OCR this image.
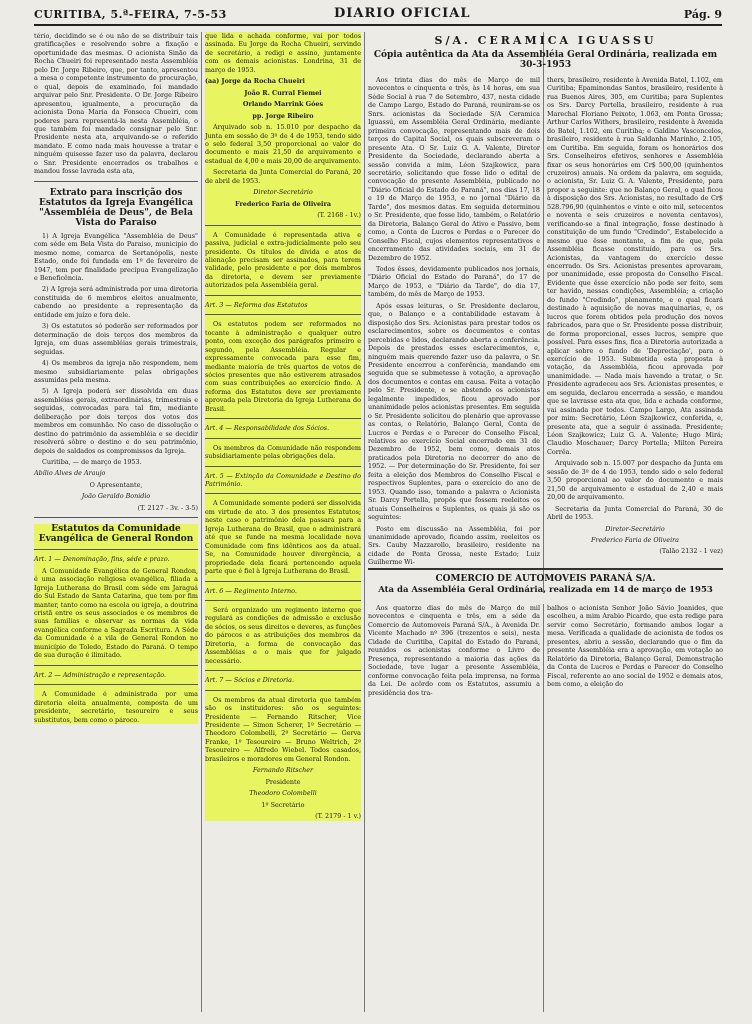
CURITIBA, 5.ª-FEIRA, 7-5-53	DIARIO OFICIAL	Pág. 9

tério, decidindo se é ou não de se distribuir tais gratificações e resolvendo sobre a fixação e oportunidade das mesmas. O acionista Sinão da Rocha Chueiri foi representado nesta Assembléia pelo Dr. Jorge Ribeiro, que, por tanto, apresentou a mesa o competente instrumento de procuração, o qual, depois de examinado, foi mandado arquivar pelo Snr. Presidente. O Dr. Jorge Ribeiro apresentou, igualmente, a procuração da acionista Dona Maria da Fonseca Chueiri, com poderes para representá-la nesta Assembléia, o que também foi mandado consignar pelo Snr. Presidente nesta ata, arquivando-se o referido mandato. E como nada mais houvesse a tratar e ninguém quisesse fazer uso da palavra, declarou o Snr. Presidente encerrados os trabalhos e mandou fosse lavrada esta ata,

Extrato para inscrição dos Estatutos da Igreja Evangélica "Assembléia de Deus", de Bela Vista do Paraiso

1) A Igreja Evangélica "Assembléia de Deus" com séde em Bela Vista do Paraiso, municipio do mesmo nome, comarca de Sertanópolis, neste Estado, onde foi fundada em 1º de fevereiro de 1947, tem por finalidade precípua Evangelização e Beneficência.

2) A Igreja será administrada por uma diretoria constituida de 6 membros eleitos anualmente, cabendo ao presidente a representação da entidade em juízo e fora dele.

3) Os estatutos só poderão ser reformados por determinação de dois terços dos membros da Igreja, em duas assembléias gerais trimestrais, seguidas.

4) Os membros da igreja não respondem, nem mesmo subsidiariamente pelas obrigações assumidas pela mesma.

5) A Igreja poderá ser dissolvida em duas assembléias gerais, extraordinárias, trimestrais e seguidas, convocadas para tal fim, mediante deliberação por dois terços dos votos dos membros em comunhão. No caso de dissolução o destino do patrimônio da assembléia e se decidir resolverá sôbre o destino e do seu patrimônio, depois de saldados os compromissos da Igreja.

Curitiba, — de março de 1953.

Abílio Alves de Araujo

O Apresentante,

João Geraldo Bonidio

(T. 2127 - 3v. - 3-5)

Estatutos da Comunidade Evangélica de General Rondon

Art. 1 — Denominação, fins, séde e prazo.

A Comunidade Evangélica de General Rondon, é uma associação religiosa evangélica, filiada a Igreja Lutherana do Brasil com séde em Jaraguá do Sul Estado de Santa Catarina, que tem por fim manter, tanto como na escola ou igreja, a doutrina cristã entre os seus associados e os membros de suas familias e observar as normas da vida evangélica conforme a Sagrada Escritura. A Séde da Comunidade é a vila de General Rondon no município de Toledo, Estado do Paraná. O tempo de sua duração é ilimitado.

Art. 2 — Administração e representação.

A Comunidade é administrada por uma diretoria eleita anualmente, composta de um presidente, secretário, tesoureiro e seus substitutos, bem como o pároco.

que lida e achada conforme, vai por todos assinada. Eu Jorge da Rocha Chueiri, servindo de secretário, a redigi e assino, juntamente com os demais acionistas. Londrina, 31 de março de 1953.

(aa) Jorge da Rocha Chueiri

João R. Curral Fiemei

Orlando Marrink Góes

pp. Jorge Ribeiro

Arquivado sob n. 15.010 por despacho da Junta em sessão de 3º de 4 de 1953, tendo sido o selo federal 3,50 proporcional ao valor do documento e mais 21,50 de arquivamento e estadual de 4,00 e mais 20,00 de arquivamento.

Secretaria da Junta Comercial do Paraná, 20 de abril de 1953.

Diretor-Secretário

Frederico Faria de Oliveira

(T. 2168 - 1v.)

A Comunidade é representada ativa e passiva, judicial e extra-judicialmente pelo seu presidente. Os títulos de divida e atos de alienação precisam ser assinados, para terem validade, pelo presidente e por dois membros da diretoria, e devem ser previamente autorizados pela Assembléia geral.

Art. 3 — Reforma dos Estatutos

Os estatutos podem ser reformados no tocante à administração e qualquer outro ponto, com exceção dos parágrafos primeiro e segundo, pela Assembléia. Regular e expressamente convocada para esse fim, mediante maioria de três quartos de votos de sócios presentes que não estiverem atrasados com suas contribuições ao exercício findo. A reforma dos Estatutos deve ser previamente aprovada pela Diretoria da Igreja Lutherana do Brasil.

Art. 4 — Responsabilidade dos Sócios.

Os membros da Comunidade não respondem subsidiariamente pelas obrigações dela.

Art. 5 — Extinção da Comunidade e Destino do Patrimônio.

A Comunidade somente poderá ser dissolvida em virtude de ato. 3 dos presentes Estatutos; neste caso o patrimônio dela passará para a Igreja Lutherana do Brasil, que o administrará até que se funde na mesma localidade nova Comunidade com fins idênticos aos da atual. Se, na Comunidade houver divergência, a propriedade dela ficará pertencendo aquela parte que é fiel à Igreja Lutherana do Brasil.

Art. 6 — Regimento Interno.

Será organizado um regimento interno que regulará as condições de admissão e exclusão de sócios, os seus direitos e deveres, as funções do párocos e as atribuições dos membros da Diretoria, a forma de convocação das Assembléias e o mais que for julgado necessário.

Art. 7 — Sócios e Diretoria.

Os membros da atual diretoria que também são os instituidores: são os seguintes: Presidente — Fernando Ritscher, Vice Presidente — Simon Scherer, 1º Secretário — Theodoro Colombelli, 2º Secretário — Gerva Franke, 1º Tesoureiro — Bruno Weltrich, 2º Tesoureiro — Alfredo Wiebel. Todos casados, brasileiros e moradores em General Rondon.

Fernando Ritscher

Presidente

Theodoro Colombelli

1º Secretário

(T. 2179 - 1 v.)

S/A. CERAMICA IGUASSU
Cópia autêntica da Ata da Assembléia Geral Ordinária, realizada em 30-3-1953

Aos trinta dias do mês de Março de mil novecentos e cinquenta e três, às 14 horas, em sua Séde Social à rua 7 de Setembro, 437, nesta cidade de Campo Largo, Estado do Paraná, reuniram-se os Snrs. acionistas da Sociedade S/A Ceramica Iguassú, em Assembléia Geral Ordinária, mediante primeira convocação, representando mais de dois terços do Capital Social, os quais subscreveram o presente Ata. O Sr. Luiz G. A. Valente, Diretor Presidente da Sociedade, declarando aberta a sessão convida a mim, Léon Szajkowicz, para secretário, solicitando que fosse lido o edital de convocação do presente Assembléia, publicado no "Diário Oficial do Estado do Paraná", nos dias 17, 18 e 19 de Março de 1953, e no jornal "Diário da Tarde", dos mesmos datas. Em seguida determinou o Sr. Presidente, que fosse lido, também, o Relatório da Diretoria, Balanço Geral do Ativo e Passivo, bem como, a Conta de Lucros e Perdas e o Parecer do Conselho Fiscal, cujos elementos representativos e encerramento das atividades sociais, em 31 de Dezembro de 1952.

Todos êsses, devidamente publicados nos jornais, "Diário Oficial do Estado do Paraná", do 17 de Março de 1953, e "Diário da Tarde", do dia 17, também, do mês de Março de 1953.

Após essas leituras, o Sr. Presidente declarou, que, o Balanço e a contabilidade estavam à disposição dos Srs. Acionistas para prestar todos os esclarecimentos, sobre os documentos e contas percebidas e lidos, declarando aberta a conferência. Depois de prestados esses esclarecimentos, e, ninguém mais querendo fazer uso da palavra, o Sr. Presidente encerrou a conferência, mandando em seguida que se submetesse à votação, a aprovação dos documentos e contas em causa. Feita a votação pelo Sr. Presidente, e se abstendo os acionistas legalmente impedidos, ficou aprovado por unanimidade pelos acionistas presentes. Em seguida o Sr. Presidente solicitou do plenário que aprovasse as contas, o Relatório, Balanço Geral, Conta de Lucros e Perdas e o Parecer do Conselho Fiscal, relativos ao exercício Social encerrado em 31 de Dezembro de 1952, bem como, demais atos praticados pela Diretoria no decorrer do ano de 1952. — Por determinação do Sr. Presidente, foi ser feita a eleição dos Membros do Conselho Fiscal e respectivos Suplentes, para o exercício do ano de 1953. Quando isso, tomando a palavra o Acionista Sr. Darcy Portella, propôs que fossem reeleitos os atuais Conselheiros e Suplentes, os quais já são os seguintes:

Posto em discussão na Assembléia, foi por unanimidade aprovado, ficando assim, reeleitos os Srs. Cauby Mazzarollo, brasileiro, residente na cidade de Ponta Grossa, neste Estado; Luiz Guilherme Wi-

thers, brasileiro, residente à Avenida Batel, 1.102, em Curitiba; Epaminondas Santos, brasileiro, residente à rua Buenos Aires, 305, em Curitiba; para Suplentes os Srs. Darcy Portella, brasileiro, residente à rua Marechal Floriano Peixoto, 1.063, em Ponta Grossa; Arthur Carlos Withers, brasileiro, residente à Avenida do Batel, 1.102, em Curitiba; e Galdino Vasconcelos, brasileiro, residente à rua Saldanha Marinho, 2.105, em Curitiba. Em seguida, foram os honorários dos Srs. Conselheiros efetivos, senhores e Assembléia fixar os seus honorários em Cr$ 500,00 (quinhentos cruzeiros) anuais. Na ordem da palavra, em seguida, o acionista, Sr. Luiz G. A. Valente, Presidente, para propor a seguinte: que no Balanço Geral, o qual ficou à disposição dos Srs. Acionistas, no resultado de Cr$ 528.796,90 (quinhentos e vinte e oito mil, setecentos e noventa e seis cruzeiros e noventa centavos), verificando-se a final integração, fosse destinado à constituição de um fundo "Credindo", Estabelecido a mesmo que êsse montante, a fim de que, pela Assembléia ficasse constituído, para os Srs. Acionistas, da vantagem do exercício desse encerrado. Os Srs. Acionistas presentes aprovaram, por unanimidade, esse proposta do Conselho Fiscal. Evidente que êsse exercício não pode ser feito, sem ter havido, nessas condições, Assembléia; a criação do fundo "Credindo", plenamente, e o qual ficará destinado à aquisição de novas maquinarias, e, os lucros que forem obtidos pela produção dos novos fabricados, para que o Sr. Presidente possa distribuir, de forma proporcional, esses lucros, sempre que possível. Para esses fins, fica a Diretoria autorizada a aplicar sobre o fundo de 'Depreciação', para o exercício de 1953. Submetida esta proposta à votação, da Assembléia, ficou aprovada por unanimidade. — Nada mais havendo a tratar, o Sr. Presidente agradeceu aos Srs. Acionistas presentes, e em seguida, declarou encerrada a sessão, e mandou que se lavrasse esta ata que, lida e achada conforme, vai assinada por todos. Campo Largo, Ata assinada por mim: Secretário, Léon Szajkowicz, conferida, e, presente ata, que a seguir é assinada. Presidente; Léon Szajkowicz; Luiz G. A. Valente; Hugo Mirá; Claudio Moschauer; Darcy Portella; Milton Pereira Corrêa.

Arquivado sob n. 15.007 por despacho da Junta em sessão de 3º de 4 de 1953, tendo sido o selo federal 3,50 proporcional ao valor do documento e mais 21,50 de arquivamento e estadual de 2,40 e mais 20,00 de arquivamento.

Secretaria da Junta Comercial do Paraná, 30 de Abril de 1953.

Diretor-Secretário

Frederico Faria de Oliveira

(Talão 2132 - 1 vez)

COMERCIO DE AUTOMOVEIS PARANÁ S/A.
Ata da Assembléia Geral Ordinária, realizada em 14 de março de 1953

Aos quatorze dias do mês de Março de mil novecentos e cinquenta e três, em a séde da Comercio de Automoveis Paraná S/A., à Avenida Dr. Vicente Machado nº 396 (trezentos e seis), nesta Cidade de Curitiba, Capital do Estado do Paraná, reunidos os acionistas conforme o Livro de Presença, representando a maioria das ações da Sociedade, teve lugar a presente Assembléia, conforme convocação feita pela imprensa, na forma da Lei. De acôrdo com os Estatutos, assumiu a presidência dos tra-

balhos o acionista Senhor João Sávio Joanides, que escolheu, a mim Arabio Picardo, que esta redige para servir como Secretário, formando ambos logar a mesa. Verificada a qualidade de acionista de todos os presentes, abriu a sessão, declarando que o fim da presente Assembléia era a aprovação, em votação ao Relatório da Diretoria, Balanço Geral, Demonstração da Conta de Lucros e Perdas e Parecer do Conselho Fiscal, referente ao ano social de 1952 e demais atos, bem como, a eleição do
